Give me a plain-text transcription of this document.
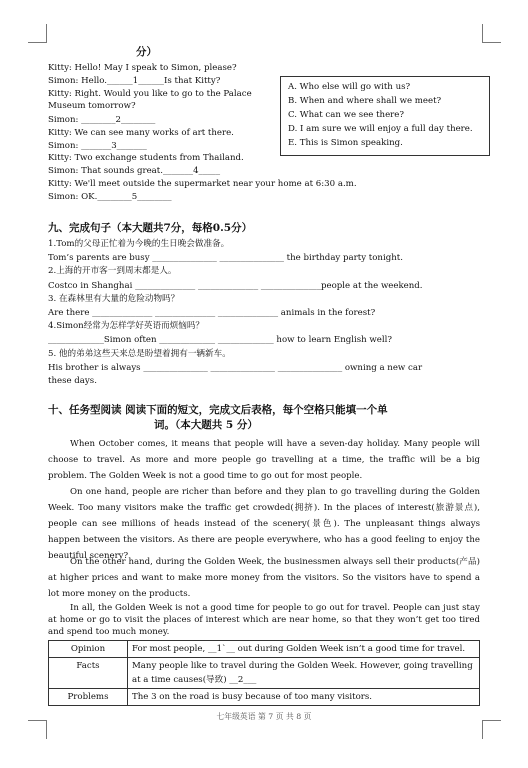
分）
Kitty: Hello! May I speak to Simon, please?
Simon: Hello.______1______Is that Kitty?
Kitty: Right. Would you like to go to the Palace
Museum tomorrow?
Simon: ________2________
Kitty: We can see many works of art there.
Simon: _______3_______
Kitty: Two exchange students from Thailand.
Simon: That sounds great._______4_____
Kitty: We'll meet outside the supermarket near your home at 6:30 a.m.
Simon: OK.________5________
A. Who else will go with us?
B. When and where shall we meet?
C. What can we see there?
D. I am sure we will enjoy a full day there.
E. This is Simon speaking.
九、完成句子（本大题共7分，每格0.5分）
1.Tom的父母正忙着为今晚的生日晚会做准备。
Tom’s parents are busy _______________ _______________ the birthday party tonight.
2.上海的开市客一到周末都是人。
Costco in Shanghai ______________ ______________ ______________people at the weekend.
3. 在森林里有大量的危险动物吗？
Are there ______________ ______________ ______________ animals in the forest?
4.Simon经常为怎样学好英语而烦恼吗？
_____________Simon often _____________ _____________ how to learn English well?
5. 他的弟弟这些天来总是盼望着拥有一辆新车。
His brother is always _______________ _______________ _______________ owning a new car
these days.
十、任务型阅读 阅读下面的短文，完成文后表格，每个空格只能填一个单
词。（本大题共 5 分）
When October comes, it means that people will have a seven-day holiday. Many people will choose to travel. As more and more people go travelling at a time, the traffic will be a big problem. The Golden Week is not a good time to go out for most people.
On one hand, people are richer than before and they plan to go travelling during the Golden Week. Too many visitors make the traffic get crowded(拥挤). In the places of interest(旅游景点), people can see millions of heads instead of the scenery(景色). The unpleasant things always happen between the visitors. As there are people everywhere, who has a good feeling to enjoy the beautiful scenery?
On the other hand, during the Golden Week, the businessmen always sell their products(产品) at higher prices and want to make more money from the visitors. So the visitors have to spend a lot more money on the products.
In all, the Golden Week is not a good time for people to go out for travel. People can just stay at home or go to visit the places of interest which are near home, so that they won’t get too tired and spend too much money.
Opinion	For most people, __1`__ out during Golden Week isn’t a good time for travel.
Facts	Many people like to travel during the Golden Week. However, going travelling at a time causes(导致) __2___
Problems	The 3 on the road is busy because of too many visitors.
七年级英语 第 7 页 共 8 页
